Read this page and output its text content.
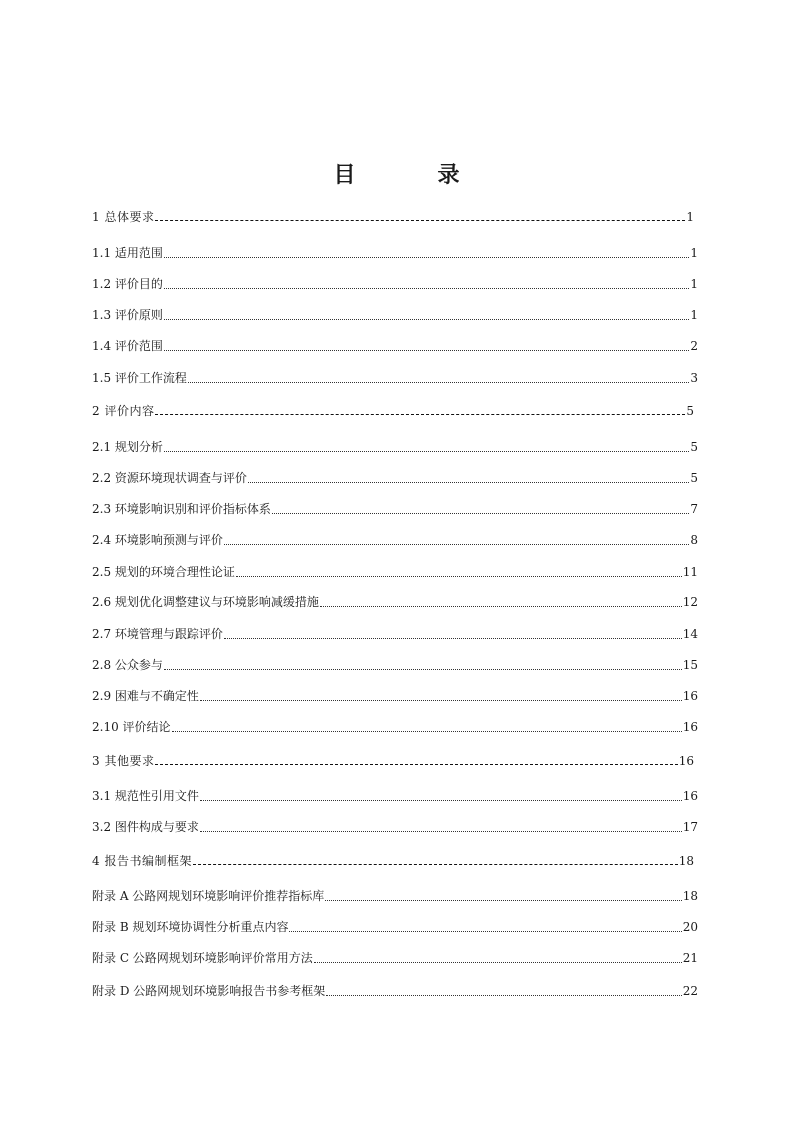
目　录
1 总体要求	1
1.1 适用范围	1
1.2 评价目的	1
1.3 评价原则	1
1.4 评价范围	2
1.5 评价工作流程	3
2 评价内容	5
2.1 规划分析	5
2.2 资源环境现状调查与评价	5
2.3 环境影响识别和评价指标体系	7
2.4 环境影响预测与评价	8
2.5 规划的环境合理性论证	11
2.6 规划优化调整建议与环境影响减缓措施	12
2.7 环境管理与跟踪评价	14
2.8 公众参与	15
2.9 困难与不确定性	16
2.10 评价结论	16
3 其他要求	16
3.1 规范性引用文件	16
3.2 图件构成与要求	17
4 报告书编制框架	18
附录 A 公路网规划环境影响评价推荐指标库	18
附录 B 规划环境协调性分析重点内容	20
附录 C 公路网规划环境影响评价常用方法	21
附录 D 公路网规划环境影响报告书参考框架	22
